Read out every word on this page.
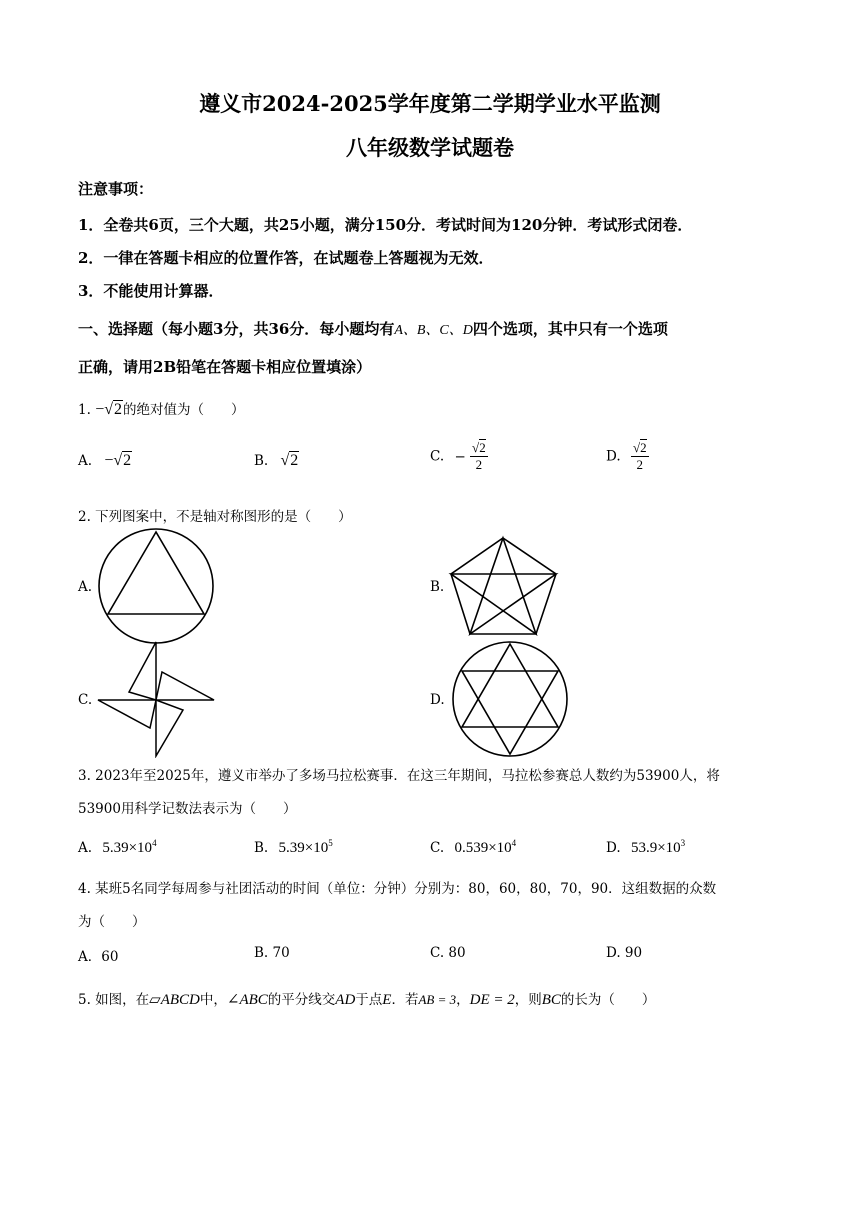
遵义市2024-2025学年度第二学期学业水平监测
八年级数学试题卷
注意事项：
1．全卷共6页，三个大题，共25小题，满分150分．考试时间为120分钟．考试形式闭卷．
2．一律在答题卡相应的位置作答，在试题卷上答题视为无效．
3．不能使用计算器．
一、选择题（每小题3分，共36分．每小题均有A、B、C、D四个选项，其中只有一个选项
正确，请用2B铅笔在答题卡相应位置填涂）
1. −√2的绝对值为（　　）
A. −√2	B. √2	C. − $\frac{√2}{2}$	D. $\frac{√2}{2}$
2. 下列图案中，不是轴对称图形的是（　　）
A.	B.
C.	D.
3. 2023年至2025年，遵义市举办了多场马拉松赛事．在这三年期间，马拉松参赛总人数约为53900人，将
53900用科学记数法表示为（　　）
A. $5.39\times 10^4$	B. $5.39\times 10^5$	C. $0.539\times 10^4$	D. $53.9\times 10^3$
4. 某班5名同学每周参与社团活动的时间（单位：分钟）分别为：80，60，80，70，90．这组数据的众数
为（　　）
A．60	B. 70	C. 80	D. 90
5. 如图，在▱ABCD中，∠ABC的平分线交AD于点E．若AB = 3，DE = 2，则BC的长为（　　）
